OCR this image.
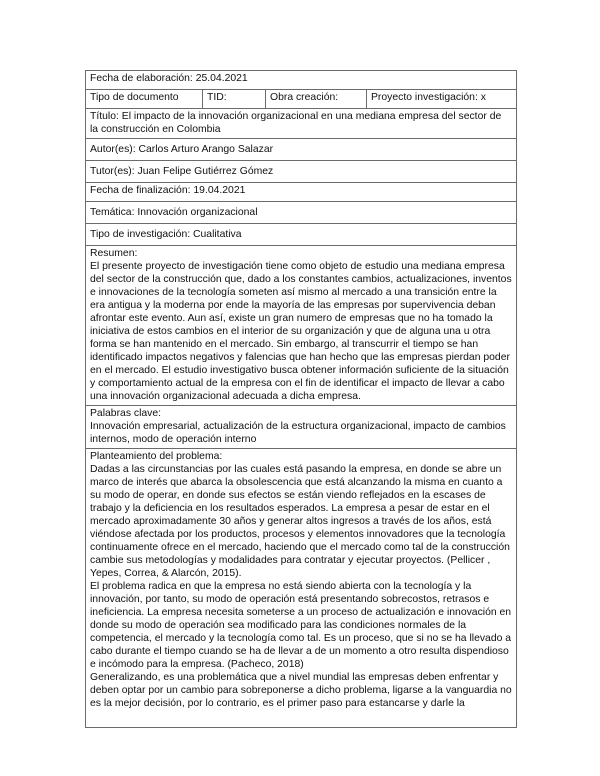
Fecha de elaboración: 25.04.2021
Tipo de documento	TID:	Obra creación:	Proyecto investigación: x
Título: El impacto de la innovación organizacional en una mediana empresa del sector de la construcción en Colombia
Autor(es): Carlos Arturo Arango Salazar
Tutor(es): Juan Felipe Gutiérrez Gómez
Fecha de finalización: 19.04.2021
Temática: Innovación organizacional
Tipo de investigación: Cualitativa

Resumen:
El presente proyecto de investigación tiene como objeto de estudio una mediana empresa del sector de la construcción que, dado a los constantes cambios, actualizaciones, inventos e innovaciones de la tecnología someten así mismo al mercado a una transición entre la era antigua y la moderna por ende la mayoría de las empresas por supervivencia deban afrontar este evento. Aun así, existe un gran numero de empresas que no ha tomado la iniciativa de estos cambios en el interior de su organización y que de alguna una u otra forma se han mantenido en el mercado. Sin embargo, al transcurrir el tiempo se han identificado impactos negativos y falencias que han hecho que las empresas pierdan poder en el mercado. El estudio investigativo busca obtener información suficiente de la situación y comportamiento actual de la empresa con el fin de identificar el impacto de llevar a cabo una innovación organizacional adecuada a dicha empresa.

Palabras clave:
Innovación empresarial, actualización de la estructura organizacional, impacto de cambios internos, modo de operación interno

Planteamiento del problema:
Dadas a las circunstancias por las cuales está pasando la empresa, en donde se abre un marco de interés que abarca la obsolescencia que está alcanzando la misma en cuanto a su modo de operar, en donde sus efectos se están viendo reflejados en la escases de trabajo y la deficiencia en los resultados esperados. La empresa a pesar de estar en el mercado aproximadamente 30 años y generar altos ingresos a través de los años, está viéndose afectada por los productos, procesos y elementos innovadores que la tecnología continuamente ofrece en el mercado, haciendo que el mercado como tal de la construcción cambie sus metodologías y modalidades para contratar y ejecutar proyectos. (Pellicer , Yepes, Correa, & Alarcón, 2015).
El problema radica en que la empresa no está siendo abierta con la tecnología y la innovación, por tanto, su modo de operación está presentando sobrecostos, retrasos e ineficiencia. La empresa necesita someterse a un proceso de actualización e innovación en donde su modo de operación sea modificado para las condiciones normales de la competencia, el mercado y la tecnología como tal. Es un proceso, que si no se ha llevado a cabo durante el tiempo cuando se ha de llevar a de un momento a otro resulta dispendioso e incómodo para la empresa. (Pacheco, 2018)
Generalizando, es una problemática que a nivel mundial las empresas deben enfrentar y deben optar por un cambio para sobreponerse a dicho problema, ligarse a la vanguardia no es la mejor decisión, por lo contrario, es el primer paso para estancarse y darle la
